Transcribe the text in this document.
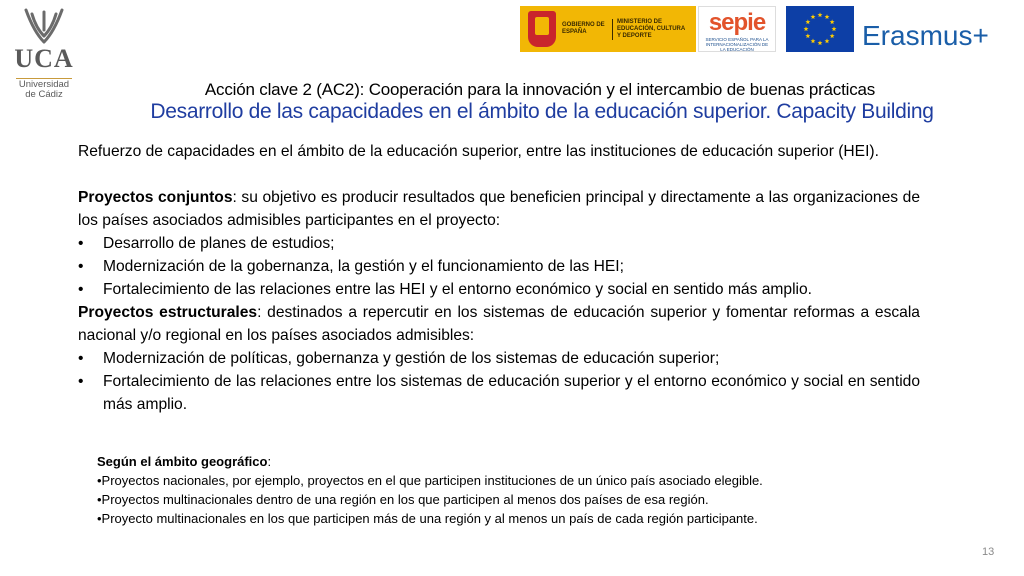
UCA
Universidad
de Cádiz
GOBIERNO DE ESPAÑA
MINISTERIO DE EDUCACIÓN, CULTURA Y DEPORTE	sepie
SERVICIO ESPAÑOL PARA LA INTERNACIONALIZACIÓN DE LA EDUCACIÓN	Erasmus+
Acción clave 2 (AC2): Cooperación para la innovación y el intercambio de buenas prácticas
Desarrollo de las capacidades en el ámbito de la educación superior. Capacity Building

Refuerzo de capacidades en el ámbito de la educación superior, entre las instituciones de educación superior (HEI).

Proyectos conjuntos: su objetivo es producir resultados que beneficien principal y directamente a las organizaciones de los países asociados admisibles participantes en el proyecto:

• Desarrollo de planes de estudios;
• Modernización de la gobernanza, la gestión y el funcionamiento de las HEI;
• Fortalecimiento de las relaciones entre las HEI y el entorno económico y social en sentido más amplio.

Proyectos estructurales: destinados a repercutir en los sistemas de educación superior y fomentar reformas a escala nacional y/o regional en los países asociados admisibles:

• Modernización de políticas, gobernanza y gestión de los sistemas de educación superior;
• Fortalecimiento de las relaciones entre los sistemas de educación superior y el entorno económico y social en sentido más amplio.

Según el ámbito geográfico:

•Proyectos nacionales, por ejemplo, proyectos en el que participen instituciones de un único país asociado elegible.

•Proyectos multinacionales dentro de una región en los que participen al menos dos países de esa región.

•Proyecto multinacionales en los que participen más de una región y al menos un país de cada región participante.

13
